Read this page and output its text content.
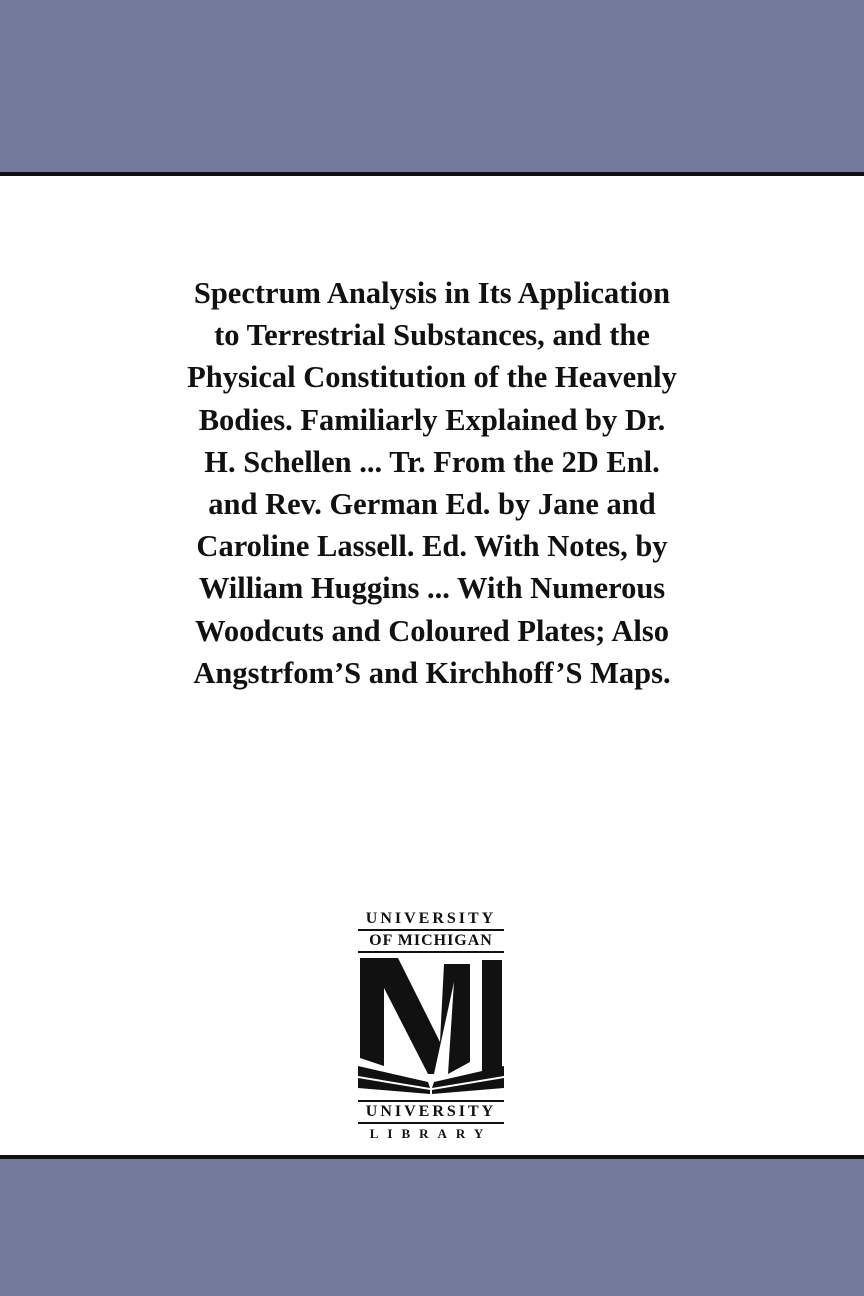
Spectrum Analysis in Its Application
to Terrestrial Substances, and the
Physical Constitution of the Heavenly
Bodies. Familiarly Explained by Dr.
H. Schellen ... Tr. From the 2D Enl.
and Rev. German Ed. by Jane and
Caroline Lassell. Ed. With Notes, by
William Huggins ... With Numerous
Woodcuts and Coloured Plates; Also
Angstrfom’S and Kirchhoff’S Maps.
UNIVERSITY
OF MICHIGAN
UNIVERSITY
LIBRARY
